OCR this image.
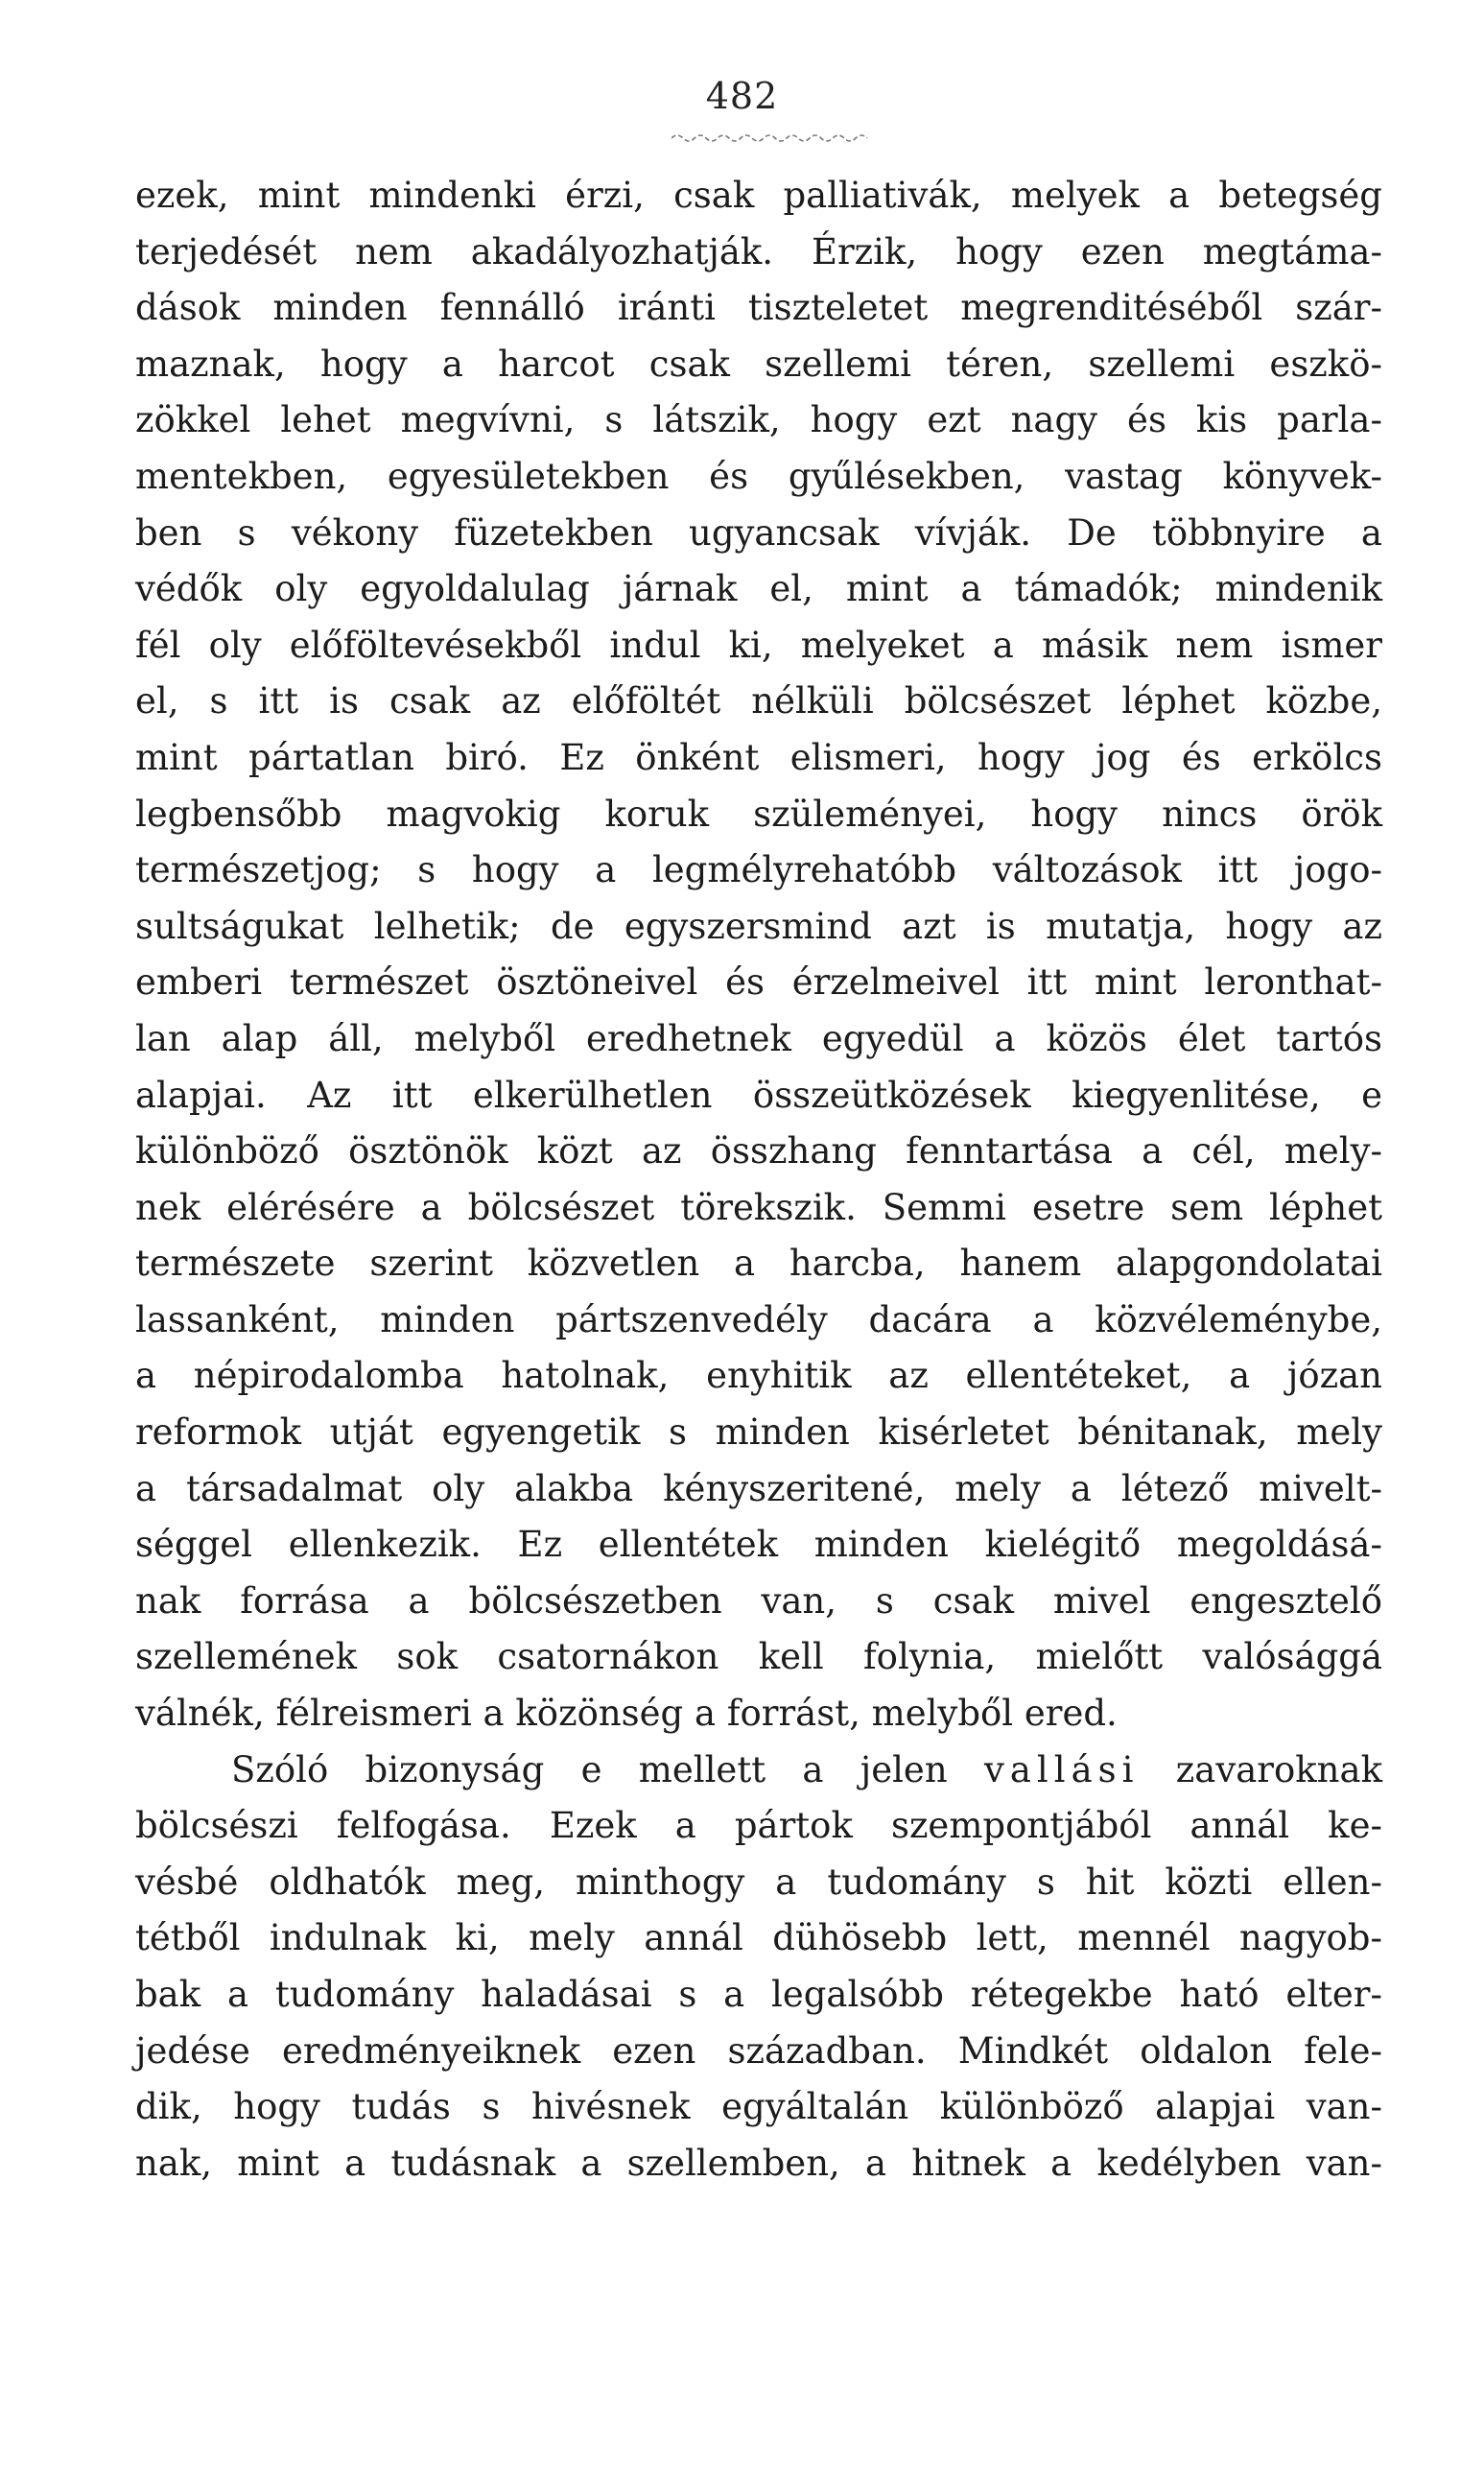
482
ezek, mint mindenki érzi, csak palliativák, melyek a betegség
terjedését nem akadályozhatják. Érzik, hogy ezen megtáma-
dások minden fennálló iránti tiszteletet megrenditéséből szár-
maznak, hogy a harcot csak szellemi téren, szellemi eszkö-
zökkel lehet megvívni, s látszik, hogy ezt nagy és kis parla-
mentekben, egyesületekben és gyűlésekben, vastag könyvek-
ben s vékony füzetekben ugyancsak vívják. De többnyire a
védők oly egyoldalulag járnak el, mint a támadók; mindenik
fél oly előföltevésekből indul ki, melyeket a másik nem ismer
el, s itt is csak az előföltét nélküli bölcsészet léphet közbe,
mint pártatlan biró. Ez önként elismeri, hogy jog és erkölcs
legbensőbb magvokig koruk szüleményei, hogy nincs örök
természetjog; s hogy a legmélyrehatóbb változások itt jogo-
sultságukat lelhetik; de egyszersmind azt is mutatja, hogy az
emberi természet ösztöneivel és érzelmeivel itt mint leronthat-
lan alap áll, melyből eredhetnek egyedül a közös élet tartós
alapjai. Az itt elkerülhetlen összeütközések kiegyenlitése, e
különböző ösztönök közt az összhang fenntartása a cél, mely-
nek elérésére a bölcsészet törekszik. Semmi esetre sem léphet
természete szerint közvetlen a harcba, hanem alapgondolatai
lassanként, minden pártszenvedély dacára a közvéleménybe,
a népirodalomba hatolnak, enyhitik az ellentéteket, a józan
reformok utját egyengetik s minden kisérletet bénitanak, mely
a társadalmat oly alakba kényszeritené, mely a létező mivelt-
séggel ellenkezik. Ez ellentétek minden kielégitő megoldásá-
nak forrása a bölcsészetben van, s csak mivel engesztelő
szellemének sok csatornákon kell folynia, mielőtt valósággá
válnék, félreismeri a közönség a forrást, melyből ered.
Szóló bizonyság e mellett a jelen vallási zavaroknak
bölcsészi felfogása. Ezek a pártok szempontjából annál ke-
vésbé oldhatók meg, minthogy a tudomány s hit közti ellen-
tétből indulnak ki, mely annál dühösebb lett, mennél nagyob-
bak a tudomány haladásai s a legalsóbb rétegekbe ható elter-
jedése eredményeiknek ezen században. Mindkét oldalon fele-
dik, hogy tudás s hivésnek egyáltalán különböző alapjai van-
nak, mint a tudásnak a szellemben, a hitnek a kedélyben van-
